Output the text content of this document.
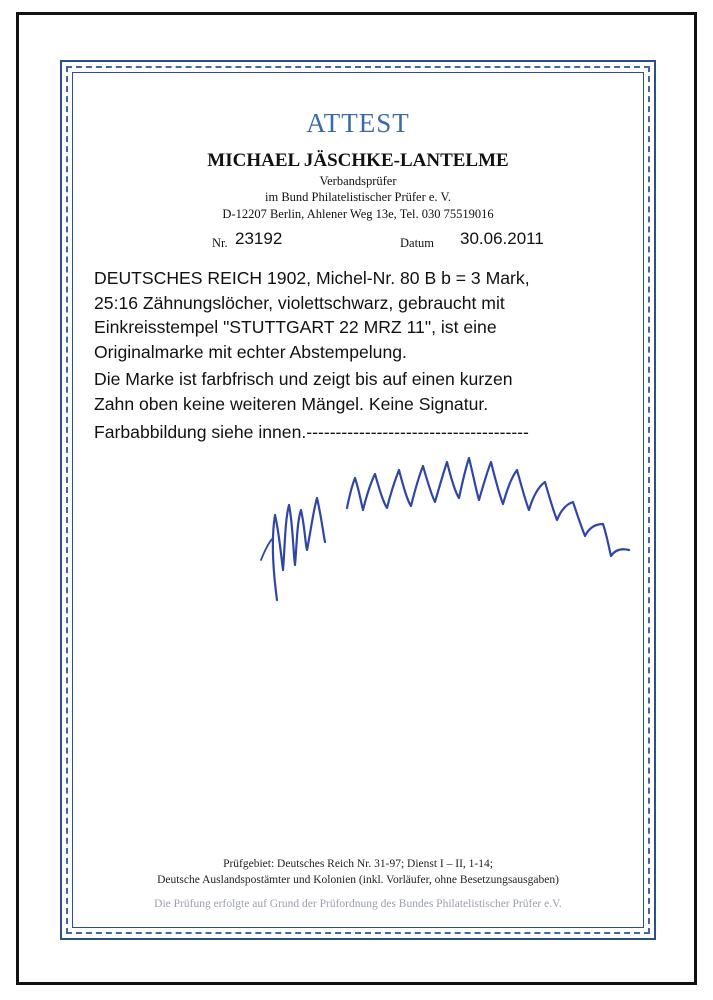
ATTEST
MICHAEL JÄSCHKE-LANTELME
Verbandsprüfer
im Bund Philatelistischer Prüfer e. V.
D-12207 Berlin, Ahlener Weg 13e, Tel. 030 75519016
Nr. 23192	Datum 30.06.2011
DEUTSCHES REICH 1902, Michel-Nr. 80 B b = 3 Mark,
25:16 Zähnungslöcher, violettschwarz, gebraucht mit
Einkreisstempel "STUTTGART 22 MRZ 11", ist eine
Originalmarke mit echter Abstempelung.
Die Marke ist farbfrisch und zeigt bis auf einen kurzen
Zahn oben keine weiteren Mängel. Keine Signatur.
Farbabbildung siehe innen.--------------------------------------
Prüfgebiet: Deutsches Reich Nr. 31-97; Dienst I – II, 1-14;
Deutsche Auslandspostämter und Kolonien (inkl. Vorläufer, ohne Besetzungsausgaben)
Die Prüfung erfolgte auf Grund der Prüfordnung des Bundes Philatelistischer Prüfer e.V.
